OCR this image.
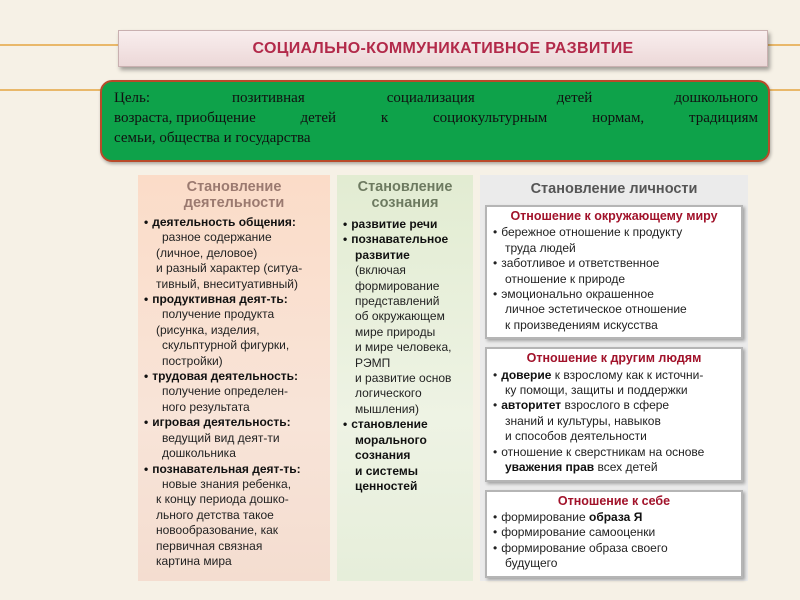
СОЦИАЛЬНО-КОММУНИКАТИВНОЕ РАЗВИТИЕ
Цель:	позитивная	социализация	детей	дошкольного
возраста, приобщение	детей	к	социокультурным	нормам,	традициям
семьи, общества и государства
Становление
деятельности
• деятельность общения:
разное содержание
(личное, деловое)
и разный характер (ситуа-
тивный, внеситуативный)
• продуктивная деят-ть:
получение продукта
(рисунка, изделия,
скульптурной фигурки,
постройки)
• трудовая деятельность:
получение определен-
ного результата
• игровая деятельность:
ведущий вид деят-ти
дошкольника
• познавательная деят-ть:
новые знания ребенка,
к концу периода дошко-
льного детства такое
новообразование, как
первичная связная
картина мира
Становление
сознания
• развитие речи
• познавательное
развитие
(включая
формирование
представлений
об окружающем
мире природы
и мире человека,
РЭМП
и развитие основ
логического
мышления)
• становление
морального
сознания
и системы
ценностей
Становление личности
Отношение к окружающему миру
• бережное отношение к продукту
труда людей
• заботливое и ответственное
отношение к природе
• эмоционально окрашенное
личное эстетическое отношение
к произведениям искусства
Отношение к другим людям
• доверие к взрослому как к источни-
ку помощи, защиты и поддержки
• авторитет взрослого в сфере
знаний и культуры, навыков
и способов деятельности
• отношение к сверстникам на основе
уважения прав всех детей
Отношение к себе
• формирование образа Я
• формирование самооценки
• формирование образа своего
будущего
